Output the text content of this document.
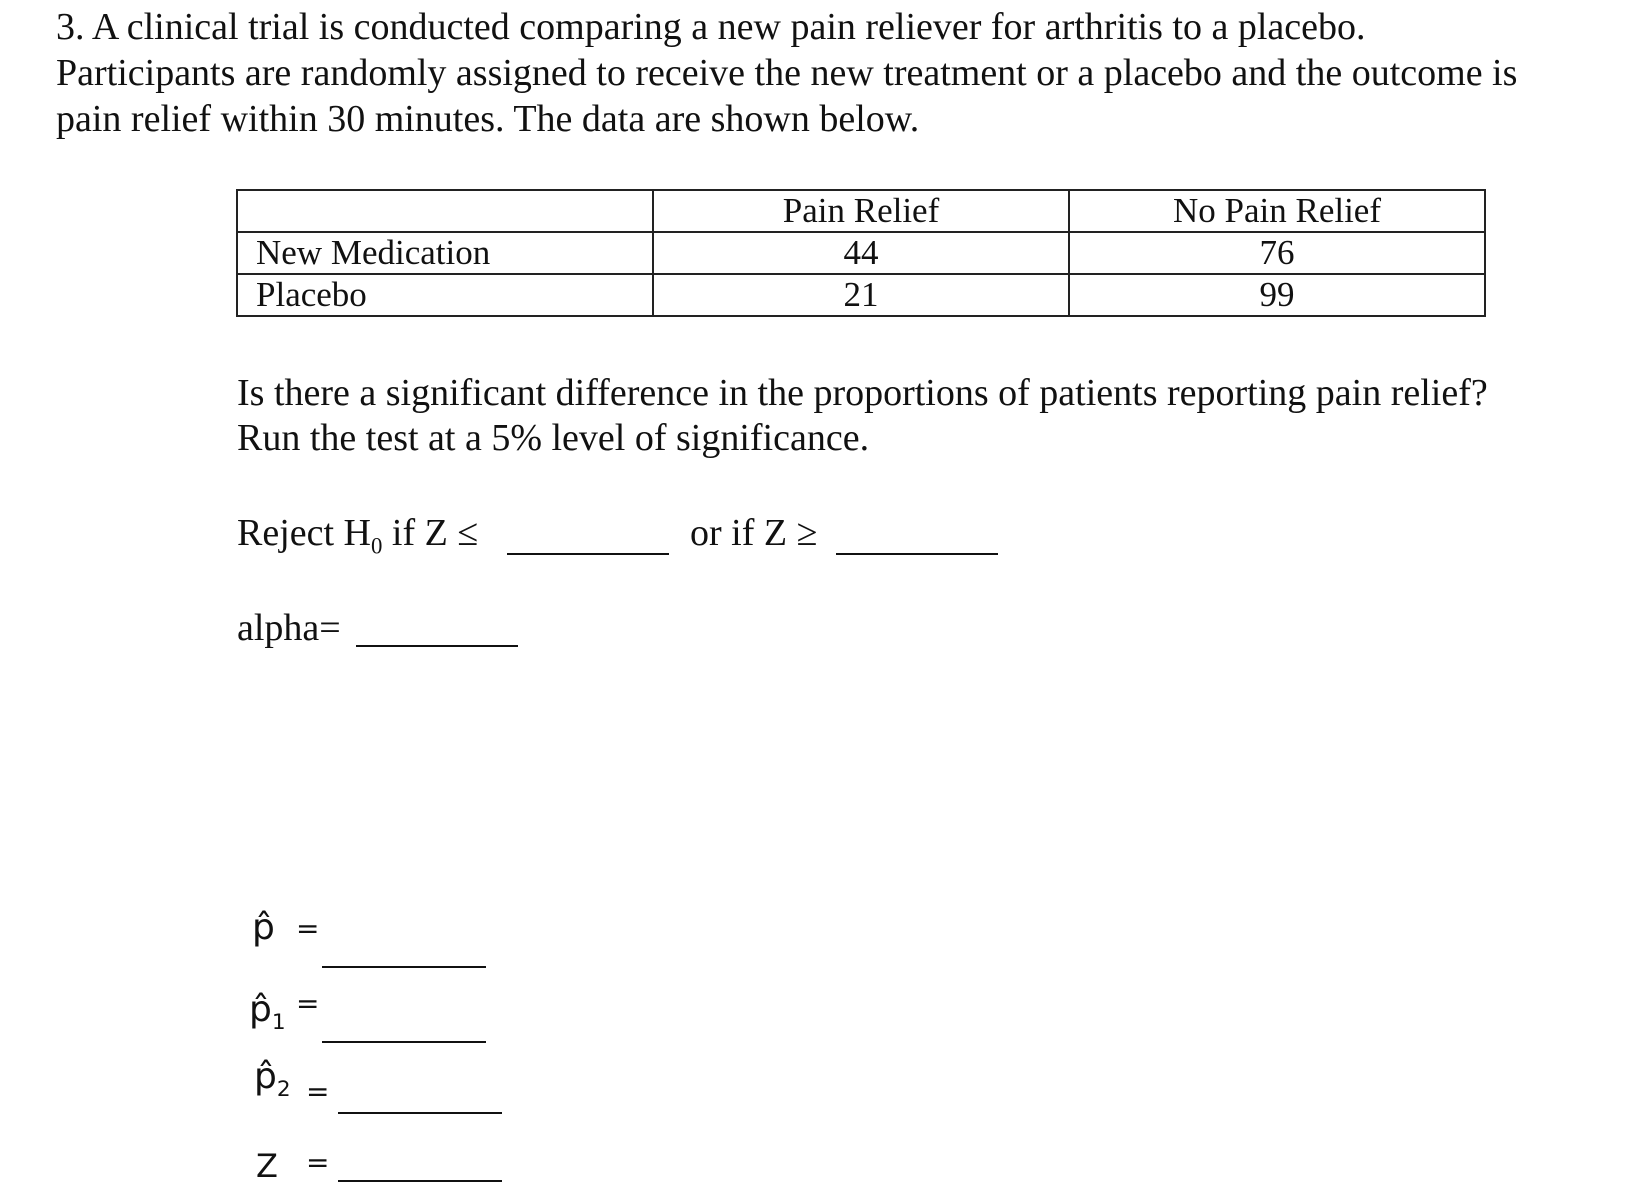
3. A clinical trial is conducted comparing a new pain reliever for arthritis to a placebo.
Participants are randomly assigned to receive the new treatment or a placebo and the outcome is
pain relief within 30 minutes. The data are shown below.
	Pain Relief	No Pain Relief
New Medication	44	76
Placebo	21	99
Is there a significant difference in the proportions of patients reporting pain relief?
Run the test at a 5% level of significance.
Reject $H_0$ if Z ≤	or if Z ≥
alpha=
p̂ =
$p̂_1$
=
$p̂_2$ =
Z =
